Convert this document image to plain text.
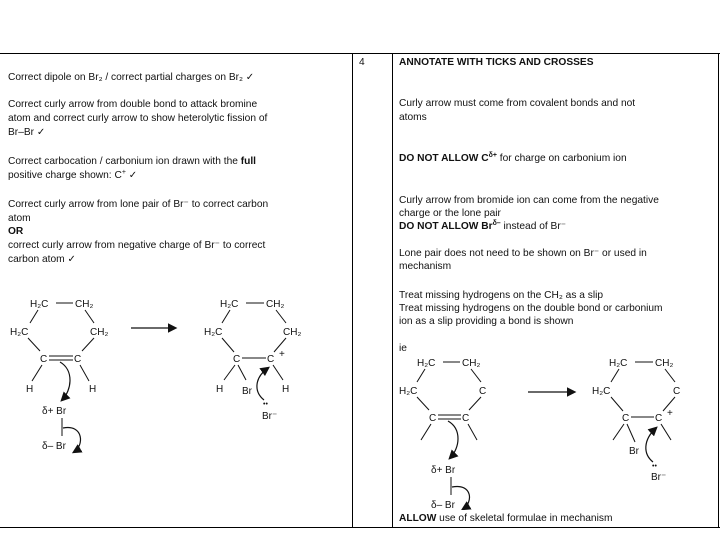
4
Correct dipole on Br₂ / correct partial charges on Br₂ ✓
Correct curly arrow from double bond to attack bromine
atom and correct curly arrow to show heterolytic fission of
Br–Br ✓
Correct carbocation / carbonium ion drawn with the full
positive charge shown: C+ ✓
Correct curly arrow from lone pair of Br⁻ to correct carbon
atom
OR
correct curly arrow from negative charge of Br⁻ to correct
carbon atom ✓
ANNOTATE WITH TICKS AND CROSSES
Curly arrow must come from covalent bonds and not
atoms
DO NOT ALLOW $C^{\delta+}$ for charge on carbonium ion
Curly arrow from bromide ion can come from the negative
charge or the lone pair
DO NOT ALLOW $Br^{\delta-}$ instead of Br⁻
Lone pair does not need to be shown on Br⁻ or used in
mechanism
Treat missing hydrogens on the CH₂ as a slip
Treat missing hydrogens on the double bond or carbonium
ion as a slip providing a bond is shown
ie
ALLOW use of skeletal formulae in mechanism
H₂C	CH₂
H₂C	CH₂
C	C
H	H
δ+ Br
δ– Br
H₂C	CH₂
H₂C	CH₂
C	C +
H Br	H
••
Br⁻
H₂C	CH₂
H₂C	C
C	C
δ+ Br
δ– Br
H₂C	CH₂
H₂C	C
C	C +
Br
••
Br⁻
